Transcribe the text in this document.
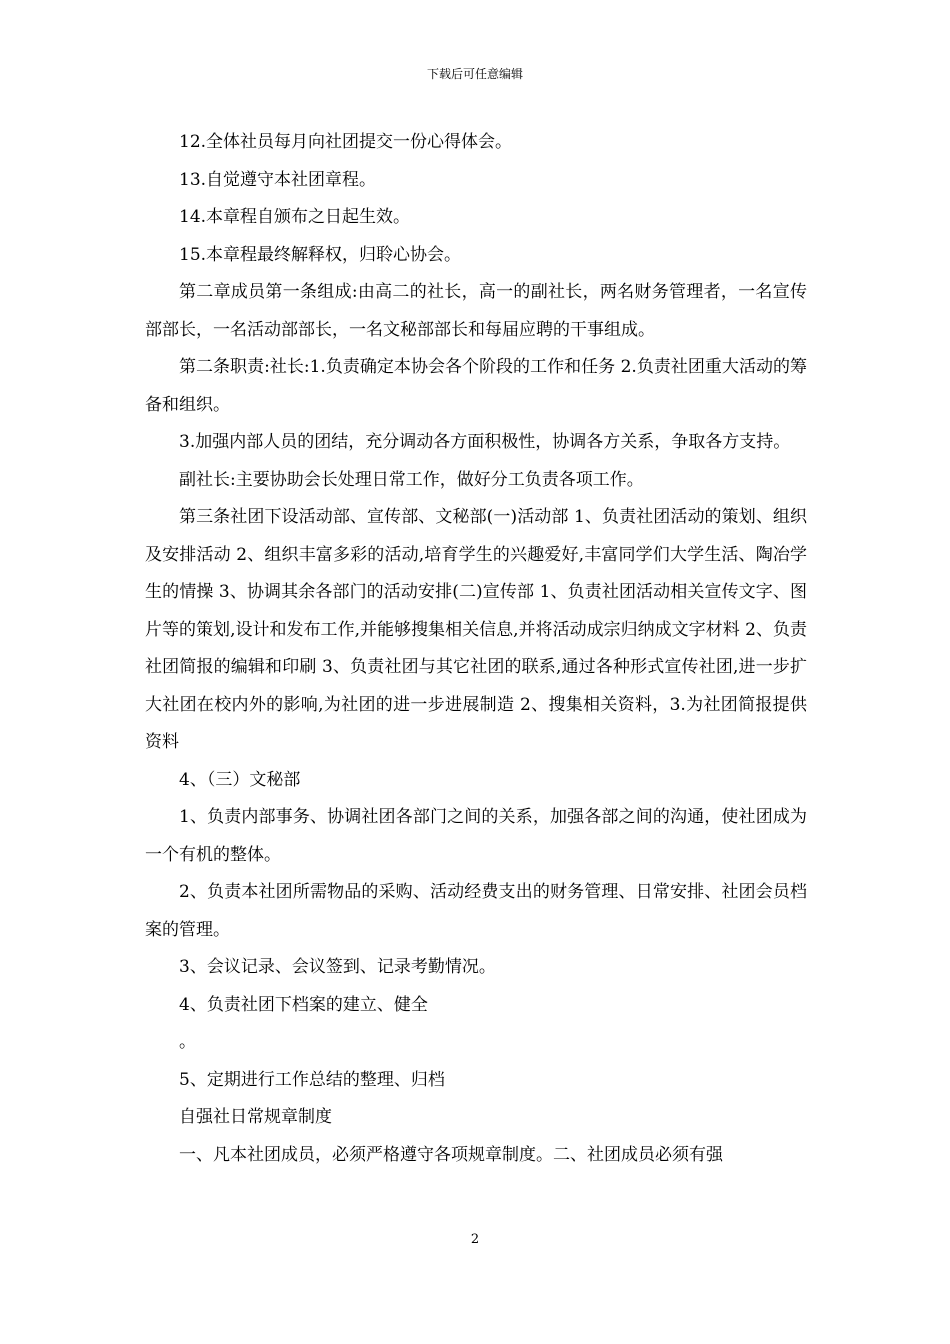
下载后可任意编辑

12.全体社员每月向社团提交一份心得体会。

13.自觉遵守本社团章程。

14.本章程自颁布之日起生效。

15.本章程最终解释权，归聆心协会。

第二章成员第一条组成:由高二的社长，高一的副社长，两名财务管理者，一名宣传部部长，一名活动部部长，一名文秘部部长和每届应聘的干事组成。

第二条职责:社长:1.负责确定本协会各个阶段的工作和任务 2.负责社团重大活动的筹备和组织。

3.加强内部人员的团结，充分调动各方面积极性，协调各方关系，争取各方支持。

副社长:主要协助会长处理日常工作，做好分工负责各项工作。

第三条社团下设活动部、宣传部、文秘部(一)活动部 1、负责社团活动的策划、组织及安排活动 2、组织丰富多彩的活动,培育学生的兴趣爱好,丰富同学们大学生活、陶冶学生的情操 3、协调其余各部门的活动安排(二)宣传部 1、负责社团活动相关宣传文字、图片等的策划,设计和发布工作,并能够搜集相关信息,并将活动成宗归纳成文字材料 2、负责社团简报的编辑和印刷 3、负责社团与其它社团的联系,通过各种形式宣传社团,进一步扩大社团在校内外的影响,为社团的进一步进展制造 2、搜集相关资料，3.为社团简报提供资料

4、（三）文秘部

1、负责内部事务、协调社团各部门之间的关系，加强各部之间的沟通，使社团成为一个有机的整体。

2、负责本社团所需物品的采购、活动经费支出的财务管理、日常安排、社团会员档案的管理。

3、会议记录、会议签到、记录考勤情况。

4、负责社团下档案的建立、健全

。

5、定期进行工作总结的整理、归档

自强社日常规章制度

一、凡本社团成员，必须严格遵守各项规章制度。二、社团成员必须有强

2
